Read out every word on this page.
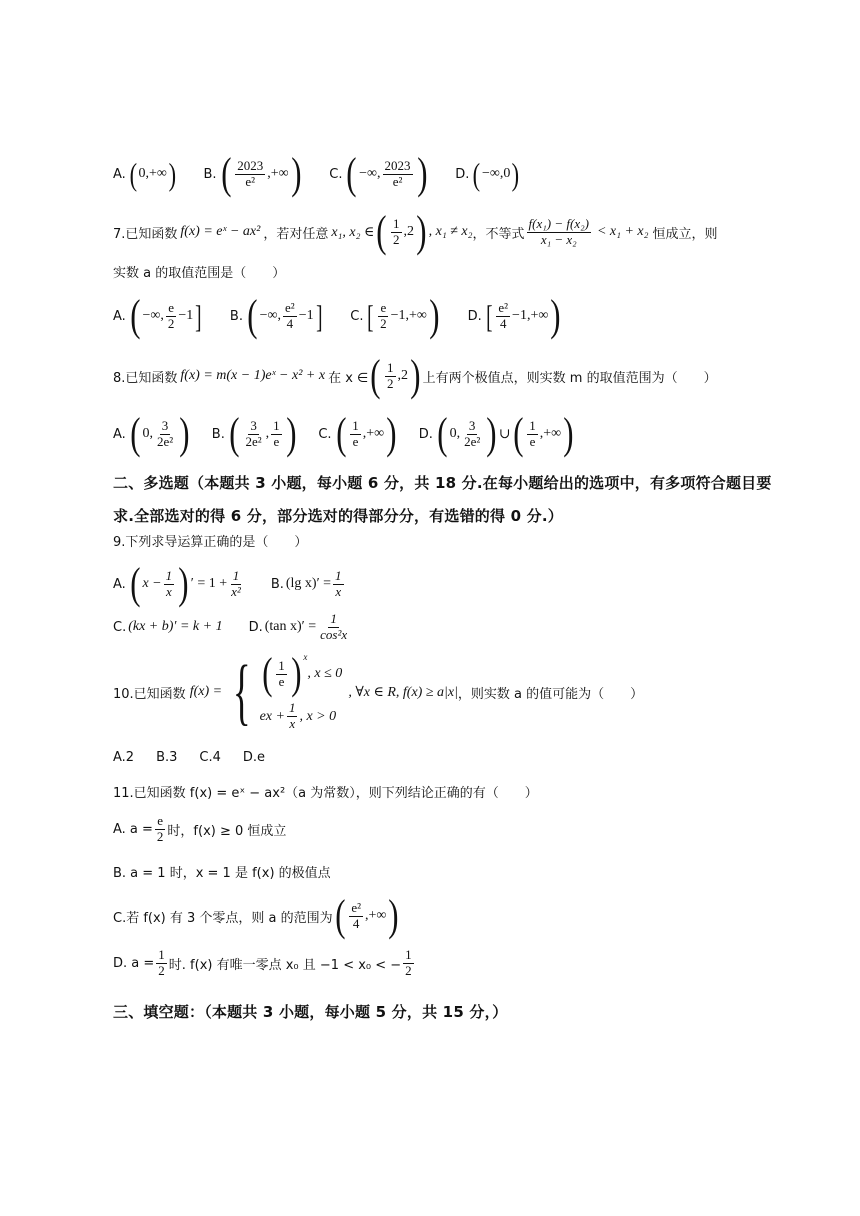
A. ( 0,+∞ ) B. ( $\frac{2023}{\text{e²}}$ ,+∞ ) C. ( −∞, $\frac{2023}{\text{e²}}$ ) D. ( −∞,0 )
7.已知函数 f(x) = eˣ − ax² ，若对任意 x₁, x₂ ∈ ( $\frac{1}{2} ,2$ ) , x₁ ≠ x₂ ，不等式 $\frac{\text{f(x₁) − f(x₂)}}{\text{x₁ − x₂}} < x_1 + x_2$ 恒成立，则
实数 a 的取值范围是（　　）
A. ( −∞, $\frac{e}{2} -1$ ] B. ( −∞, $\frac{\text{e²}}{4} -1$ ] C. [ $\frac{e}{2} -1,+\infty$ ) D. [ $\frac{\text{e²}}{4} -1,+\infty$ )
8.已知函数 f(x) = m(x − 1)eˣ − x² + x 在 x ∈ ( $\frac{1}{2} ,2$ ) 上有两个极值点，则实数 m 的取值范围为（　　）
A. ( 0, $\frac{3}{\text{2e²}}$ ) B. ( $\frac{3}{\text{2e²}}$ , $\frac{1}{e}$ ) C. ( $\frac{1}{e}$ ,+∞ ) D. ( 0, $\frac{3}{\text{2e²}}$ ) ∪ ( $\frac{1}{e}$ ,+∞ )
二、多选题（本题共 3 小题，每小题 6 分，共 18 分.在每小题给出的选项中，有多项符合题目要
求.全部选对的得 6 分，部分选对的得部分分，有选错的得 0 分.）
9.下列求导运算正确的是（　　）
A. ( $x - \frac{1}{x}$ ) ′ = $1 + \frac{1}{\text{x²}} B$. (lg $x)' = \frac{1}{x}$
C. (kx + b)′ = k + 1 D. (tan $x)' = \frac{1}{\text{cos²x}}$
10.已知函数 f(x) = { ( $\frac{1}{e} )^x$
, x ≤ 0
ex + $\frac{1}{x}$ , x > 0
, ∀x ∈ R, f(x) ≥ a|x| ，则实数 a 的值可能为（　　）
A.2 B.3 C.4 D.e
11.已知函数 f(x) = eˣ − ax²（a 为常数），则下列结论正确的有（　　）
A. $a = \frac{e}{2}$ 时，f(x) ≥ 0 恒成立
B. a = 1 时，x = 1 是 f(x) 的极值点
C.若 f(x) 有 3 个零点，则 a 的范围为 ( $\frac{\text{e²}}{4}$ ,+∞ )
D. $a = \frac{1}{2}$ 时. f(x) 有唯一零点 x₀ 且 −1 < x₀ < − $\frac{1}{2}$
三、填空题：（本题共 3 小题，每小题 5 分，共 15 分，）
